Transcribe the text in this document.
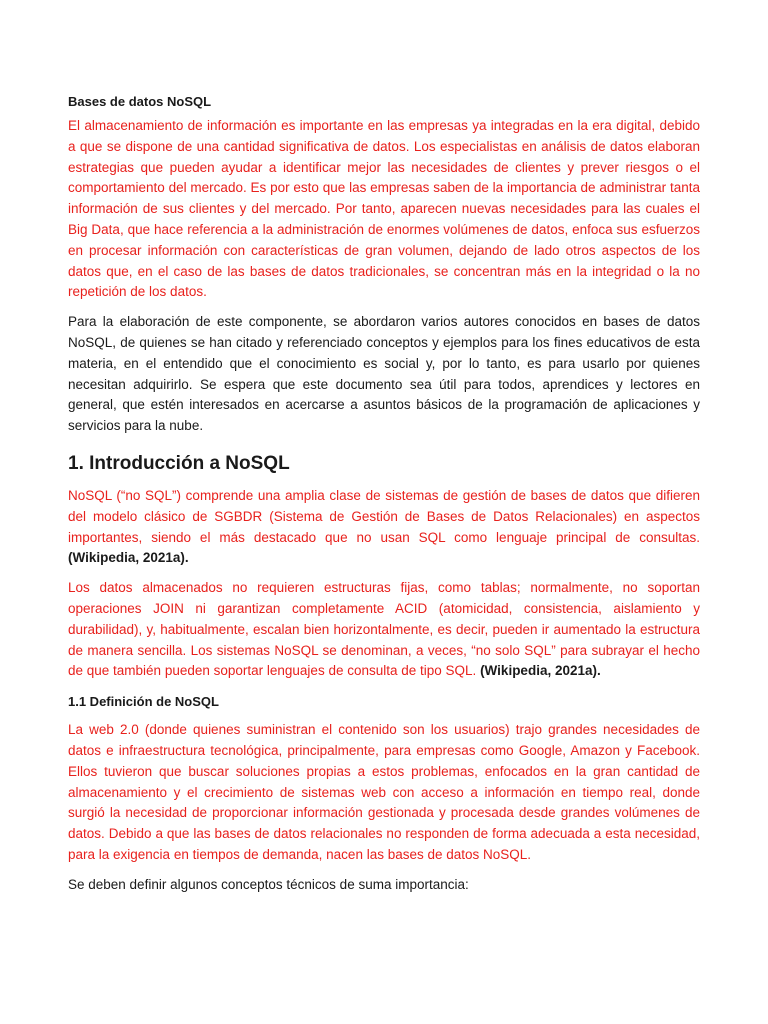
Bases de datos NoSQL

El almacenamiento de información es importante en las empresas ya integradas en la era digital, debido a que se dispone de una cantidad significativa de datos. Los especialistas en análisis de datos elaboran estrategias que pueden ayudar a identificar mejor las necesidades de clientes y prever riesgos o el comportamiento del mercado. Es por esto que las empresas saben de la importancia de administrar tanta información de sus clientes y del mercado. Por tanto, aparecen nuevas necesidades para las cuales el Big Data, que hace referencia a la administración de enormes volúmenes de datos, enfoca sus esfuerzos en procesar información con características de gran volumen, dejando de lado otros aspectos de los datos que, en el caso de las bases de datos tradicionales, se concentran más en la integridad o la no repetición de los datos.

Para la elaboración de este componente, se abordaron varios autores conocidos en bases de datos NoSQL, de quienes se han citado y referenciado conceptos y ejemplos para los fines educativos de esta materia, en el entendido que el conocimiento es social y, por lo tanto, es para usarlo por quienes necesitan adquirirlo. Se espera que este documento sea útil para todos, aprendices y lectores en general, que estén interesados en acercarse a asuntos básicos de la programación de aplicaciones y servicios para la nube.

1. Introducción a NoSQL

NoSQL (“no SQL”) comprende una amplia clase de sistemas de gestión de bases de datos que difieren del modelo clásico de SGBDR (Sistema de Gestión de Bases de Datos Relacionales) en aspectos importantes, siendo el más destacado que no usan SQL como lenguaje principal de consultas. (Wikipedia, 2021a).

Los datos almacenados no requieren estructuras fijas, como tablas; normalmente, no soportan operaciones JOIN ni garantizan completamente ACID (atomicidad, consistencia, aislamiento y durabilidad), y, habitualmente, escalan bien horizontalmente, es decir, pueden ir aumentado la estructura de manera sencilla. Los sistemas NoSQL se denominan, a veces, “no solo SQL” para subrayar el hecho de que también pueden soportar lenguajes de consulta de tipo SQL. (Wikipedia, 2021a).

1.1 Definición de NoSQL

La web 2.0 (donde quienes suministran el contenido son los usuarios) trajo grandes necesidades de datos e infraestructura tecnológica, principalmente, para empresas como Google, Amazon y Facebook. Ellos tuvieron que buscar soluciones propias a estos problemas, enfocados en la gran cantidad de almacenamiento y el crecimiento de sistemas web con acceso a información en tiempo real, donde surgió la necesidad de proporcionar información gestionada y procesada desde grandes volúmenes de datos. Debido a que las bases de datos relacionales no responden de forma adecuada a esta necesidad, para la exigencia en tiempos de demanda, nacen las bases de datos NoSQL.

Se deben definir algunos conceptos técnicos de suma importancia:
